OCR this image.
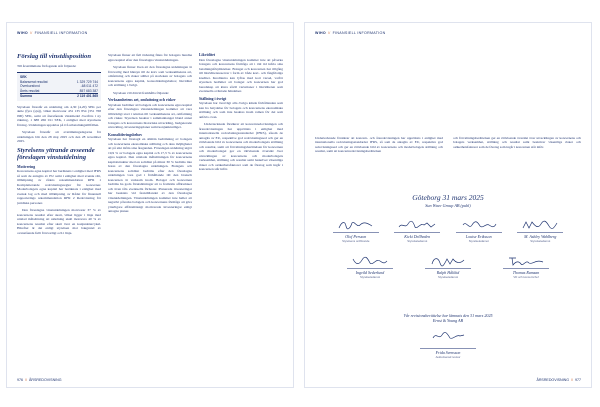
WIHO // FINANSIELL INFORMATION
Förslag till vinstdisposition
Till årsstämmans förfogande står följande:
SEK
Balanserat resultat	1 329 729 744
Överkursfond	-68 011 472
Årets resultat	857 683 387
Summa	2 119 401 865
Styrelsen föreslår en utdelning om 4,30 (4,20) SEK per aktie (fyra (sju)), vilket motsvarar 431 135 854 (351 768 090) SEK, samt att återstående vinstmedel överförs i ny räkning, 1 688 266 011 SEK, i enlighet med styrelsens förslag. Utdelningen uppdelas på två utbetalningstillfällen.
Styrelsen föreslår att avstämningsdagarna för utdelningen blir den 28 maj 2025 och den 28 november 2025.
Styrelsens yttrande avseende föreslagen vinstutdelning
Motivering
Koncernens egna kapital har beräknats i enlighet med IFRS så som de antagits av EU samt i enlighet med svensk rätt, tillämpning av rådets rekommendation RFR 1 Kompletterande redovisningsregler för koncerner. Moderbolagets egna kapital har beräknats i enlighet med svensk lag och med tillämpning av Rådet för finansiell rapporterings rekommendation RFR 2 Redovisning för juridiska personer.
Den föreslagna vinstutdelningen motsvarar 37 % av koncernens resultat efter skatt, vilket ligger i linje med uttalad målsättning att utdelning skall motsvara 40 % av koncernens resultat efter skatt över en konjunkturcykel. Härefter är det enligt styrelsen mot bakgrund av ovanstående fullt försvarligt och i linje.
Styrelsen finner att full täckning finns för bolagets bundna egna kapital efter den föreslagna vinstutdelningen.
Styrelsen finner även att den föreslagna utdelningen är försvarlig med hänsyn till de krav som verksamhetens art, omfattning och risker ställer på storleken av bolagets och koncernens egna kapital, konsolideringsbehov, likviditet och ställning i övrigt.
Styrelsen vill därvid framhålla följande:
Verksamhetens art, omfattning och risker
Styrelsen bedömer att bolagets och koncernens egna kapital efter den föreslagna vinstutdelningen kommer att vara tillräckligt stort i relation till verksamhetens art, omfattning och risker. Styrelsen beaktar i sammanhanget bland annat bolagets och koncernens historiska utveckling, budgeterade utveckling, investeringsplaner samt konjunkturläget.
Konsolideringsbehov
Styrelsen har företagit en allmän bedömning av bolagets och koncernens ekonomiska ställning och dess möjligheter att på sikt infria sina åtaganden. Föreslagen utdelning utgör 19,9 % av bolagets egna kapital och 17,3 % av koncernens egna kapital. Den uttalade målsättningen för koncernens kapitalstruktur med en soliditet på minst 30 % bedöms inte hotas av den föreslagna utdelningen. Bolagets och koncernens soliditet bedöms efter den föreslagna utdelningen vara god i förhållande till den bransch koncernen är verksam inom. Bolaget och koncernen bedöms ha goda förutsättningar att ta framtida affärsrisker och även tåla eventuella förluster. Planerade investeringar har beaktats vid fastställandet av den föreslagna vinstutdelningen. Vinstutdelningen kommer inte heller att negativt påverka bolagets och koncernens förmåga att göra ytterligare affärsmässigt motiverade investeringar enligt antagna planer.
Likviditet
Den föreslagna vinstutdelningen kommer inte att påverka bolagets och koncernens förmåga att i rätt tid infria sina betalningsförpliktelser. Bolaget och koncernen har tillgång till likviditetsreserver i form av både kort- och långfristiga krediter. Krediterna kan lyftas med kort varsel, varför styrelsen bedömer att bolaget och koncernen har god beredskap att klara såväl variationer i likviditeten som eventuella oväntade händelser.
Ställning i övrigt
Styrelsen har övervägt alla övriga kända förhållanden som kan ha betydelse för bolagets och koncernens ekonomiska ställning och som inte beaktas inom ramen för det som anförts ovan.
Undertecknade försäkrar att koncernredovisningen och årsredovisningen har upprättats i enlighet med internationella redovisningsstandarder (IFRS), såsom de antagits av EU, respektive god redovisningssed och ger en rättvisande bild av koncernens och moderbolagets ställning och resultat, samt att förvaltningsberättelsen för koncernen och moderbolaget ger en rättvisande översikt över utvecklingen av koncernens och moderbolagets verksamhet, ställning och resultat samt beskriver väsentliga risker och osäkerhetsfaktorer som de företag som ingår i koncernen står inför.
976 // ÅRSREDOVISNING
WIHO // FINANSIELL INFORMATION
Undertecknade försäkrar att koncern- och årsredovisningen har upprättats i enlighet med internationella redovisningsstandarder IFRS, så som de antagits av EU, respektive god redovisningssed och ger en rättvisande bild av koncernens och moderbolagets ställning och resultat, samt att koncernredovisningsberättelsen
och förvaltningsberättelsen ger en rättvisande översikt över utvecklingen av koncernens och bolagets verksamhet, ställning och resultat samt beskriver väsentliga risker och osäkerhetsfaktorer som de företag som ingår i koncernen står inför.
Göteborg 31 mars 2025
Sun Wave Group AB (publ)
Olof Persson
Styrelsens ordförande
Kicki Dellheden
Styrelseledamot
Louise Eriksson
Styrelseledamot
M. Ashley Wahlberg
Styrelseledamot
Ingvild Sederlund
Styrelseledamot
Ralph Hålikid
Styrelseledamot
Thomas Ramsan
VD och koncernchef
Vår revisionsberättelse har lämnats den 31 mars 2025
Ernst & Young AB
Frida Svensson
Auktoriserad revisor
ÅRSREDOVISNING // 977
